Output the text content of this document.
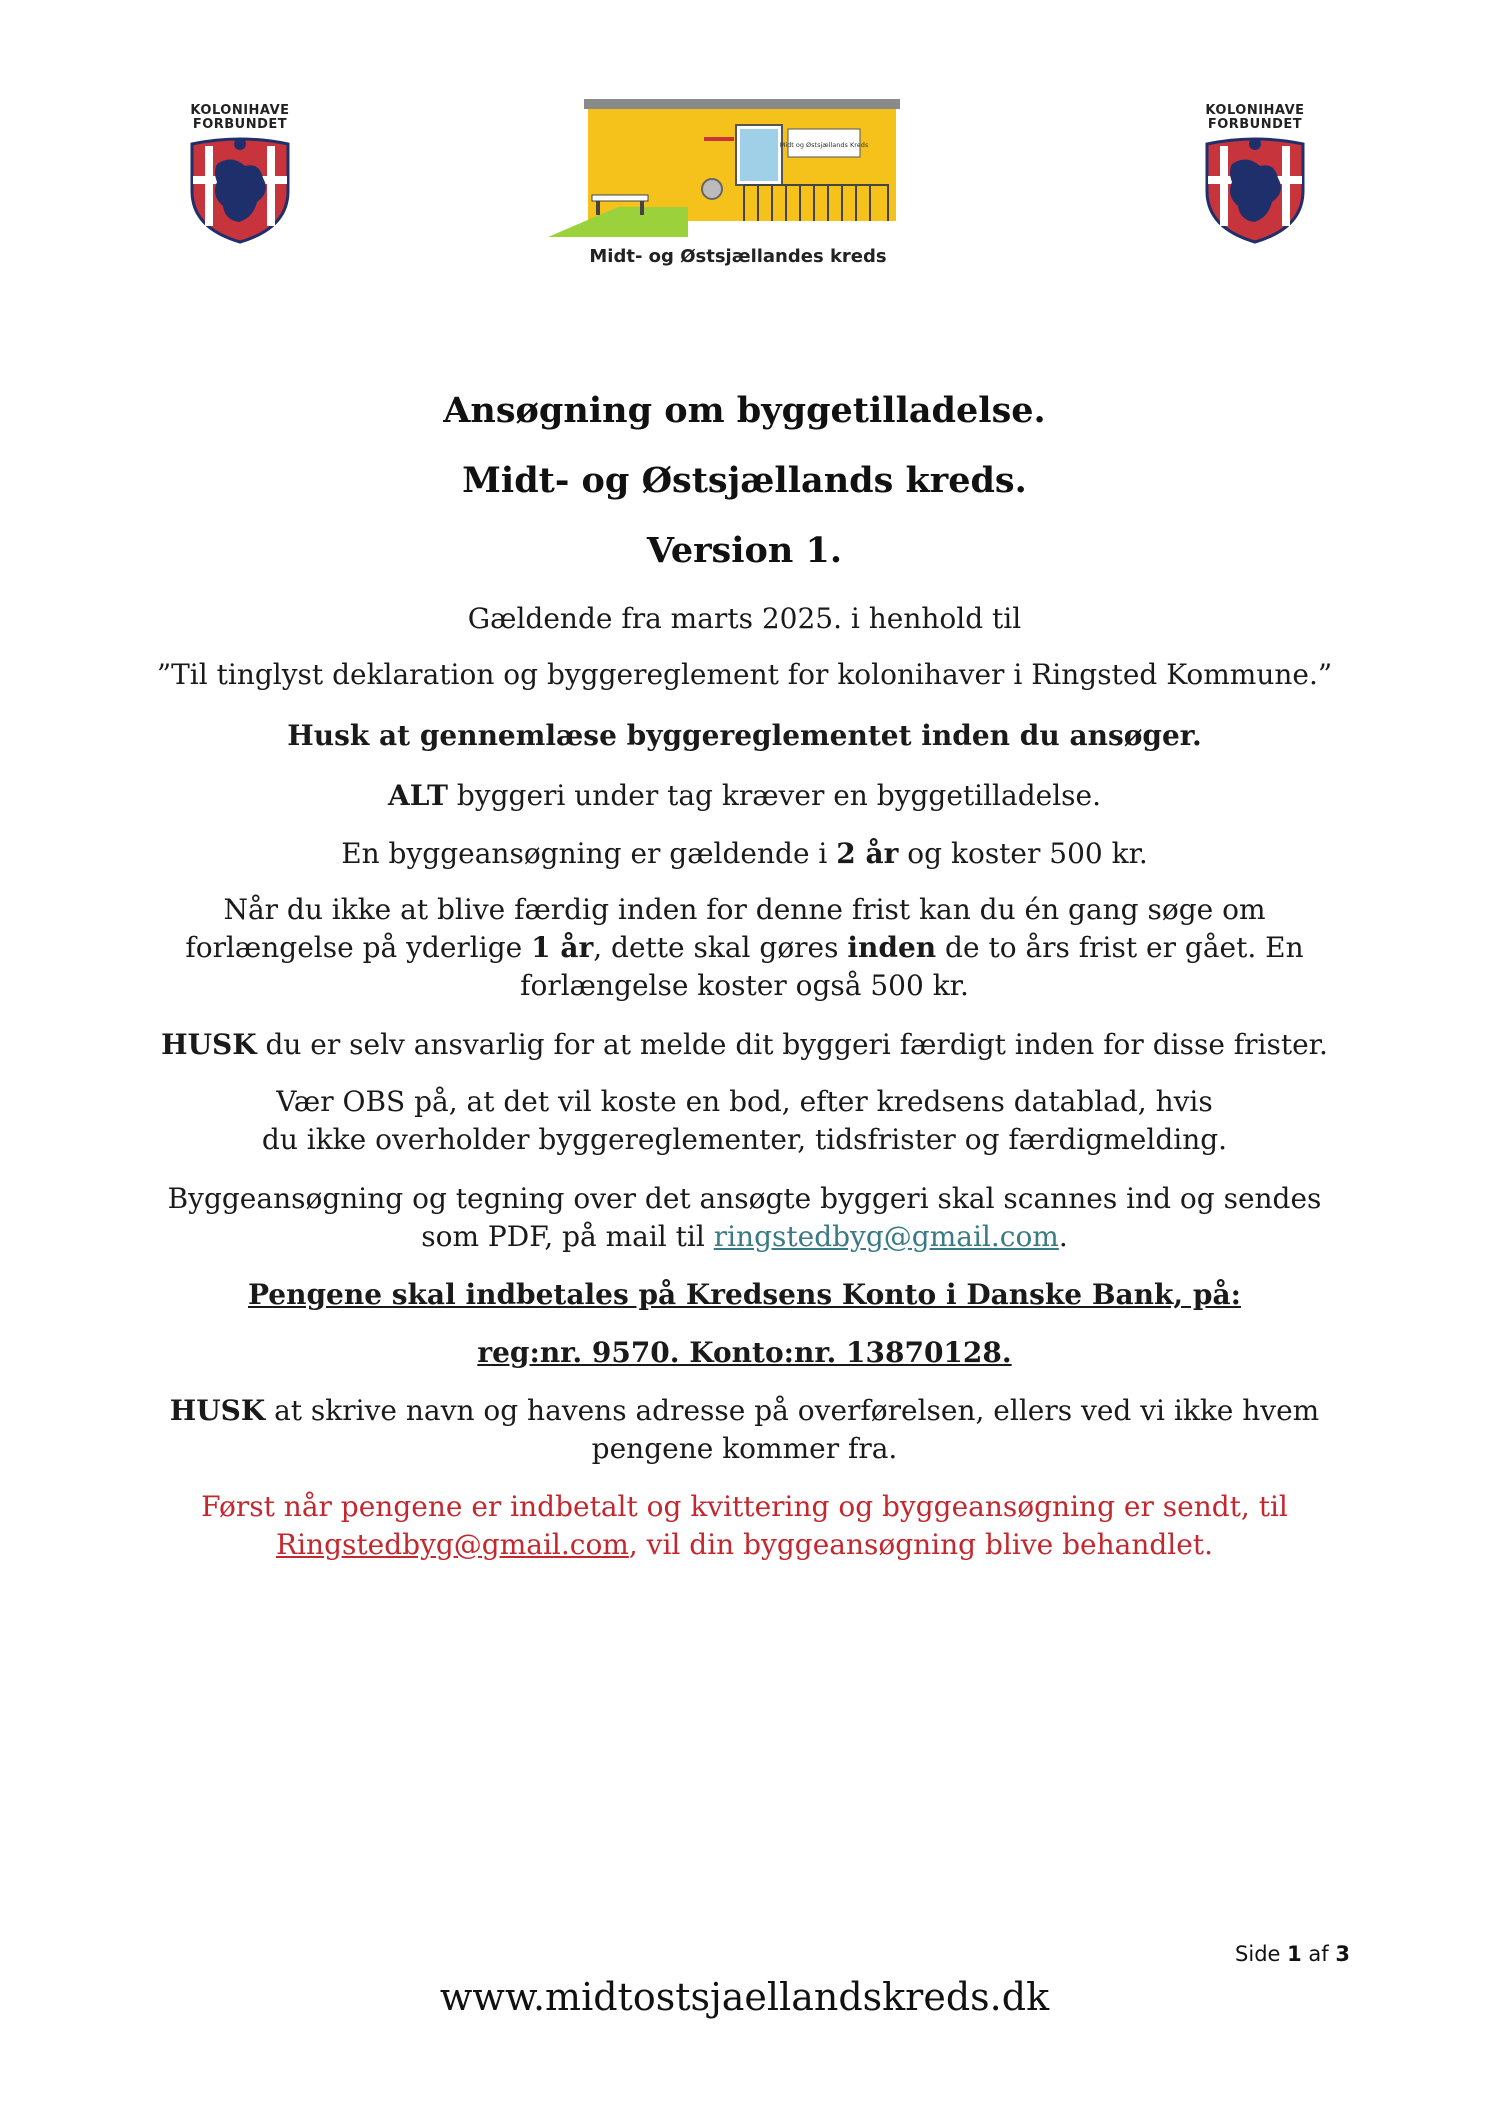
KOLONIHAVE
FORBUNDET
KOLONIHAVE
FORBUNDET
Midt og Østsjællands Kreds
Midt- og Østsjællandes kreds
Ansøgning om byggetilladelse.
Midt- og Østsjællands kreds.
Version 1.
Gældende fra marts 2025. i henhold til
”Til tinglyst deklaration og byggereglement for kolonihaver i Ringsted Kommune.”
Husk at gennemlæse byggereglementet inden du ansøger.
ALT byggeri under tag kræver en byggetilladelse.
En byggeansøgning er gældende i 2 år og koster 500 kr.
Når du ikke at blive færdig inden for denne frist kan du én gang søge om forlængelse på yderlige 1 år, dette skal gøres inden de to års frist er gået. En forlængelse koster også 500 kr.
HUSK du er selv ansvarlig for at melde dit byggeri færdigt inden for disse frister.
Vær OBS på, at det vil koste en bod, efter kredsens datablad, hvis du ikke overholder byggereglementer, tidsfrister og færdigmelding.
Byggeansøgning og tegning over det ansøgte byggeri skal scannes ind og sendes som PDF, på mail til ringstedbyg@gmail.com.
Pengene skal indbetales på Kredsens Konto i Danske Bank, på:
reg:nr. 9570. Konto:nr. 13870128.
HUSK at skrive navn og havens adresse på overførelsen, ellers ved vi ikke hvem pengene kommer fra.
Først når pengene er indbetalt og kvittering og byggeansøgning er sendt, til Ringstedbyg@gmail.com, vil din byggeansøgning blive behandlet.
Side 1 af 3
www.midtostsjaellandskreds.dk
